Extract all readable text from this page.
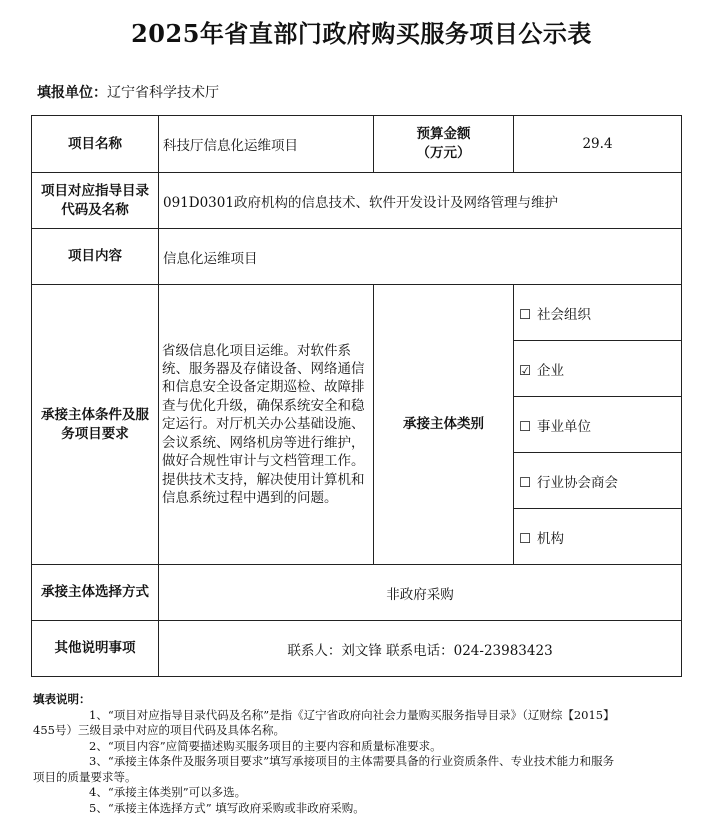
2025年省直部门政府购买服务项目公示表
填报单位：辽宁省科学技术厅
项目名称	科技厅信息化运维项目	预算金额
（万元）	29.4
项目对应指导目录代码及名称	091D0301政府机构的信息技术、软件开发设计及网络管理与维护		
项目内容	信息化运维项目		
承接主体条件及服务项目要求	省级信息化项目运维。对软件系统、服务器及存储设备、网络通信和信息安全设备定期巡检、故障排查与优化升级，确保系统安全和稳定运行。对厅机关办公基础设施、会议系统、网络机房等进行维护，做好合规性审计与文档管理工作。提供技术支持，解决使用计算机和信息系统过程中遇到的问题。	承接主体类别	☐ 社会组织
			☑ 企业
			☐ 事业单位
			☐ 行业协会商会
			☐ 机构
承接主体选择方式	非政府采购		
其他说明事项	联系人：刘文锋 联系电话：024-23983423		
填表说明：
1、“项目对应指导目录代码及名称”是指《辽宁省政府向社会力量购买服务指导目录》（辽财综【2015】
455号）三级目录中对应的项目代码及具体名称。
2、“项目内容”应简要描述购买服务项目的主要内容和质量标准要求。
3、“承接主体条件及服务项目要求”填写承接项目的主体需要具备的行业资质条件、专业技术能力和服务
项目的质量要求等。
4、“承接主体类别”可以多选。
5、“承接主体选择方式” 填写政府采购或非政府采购。
